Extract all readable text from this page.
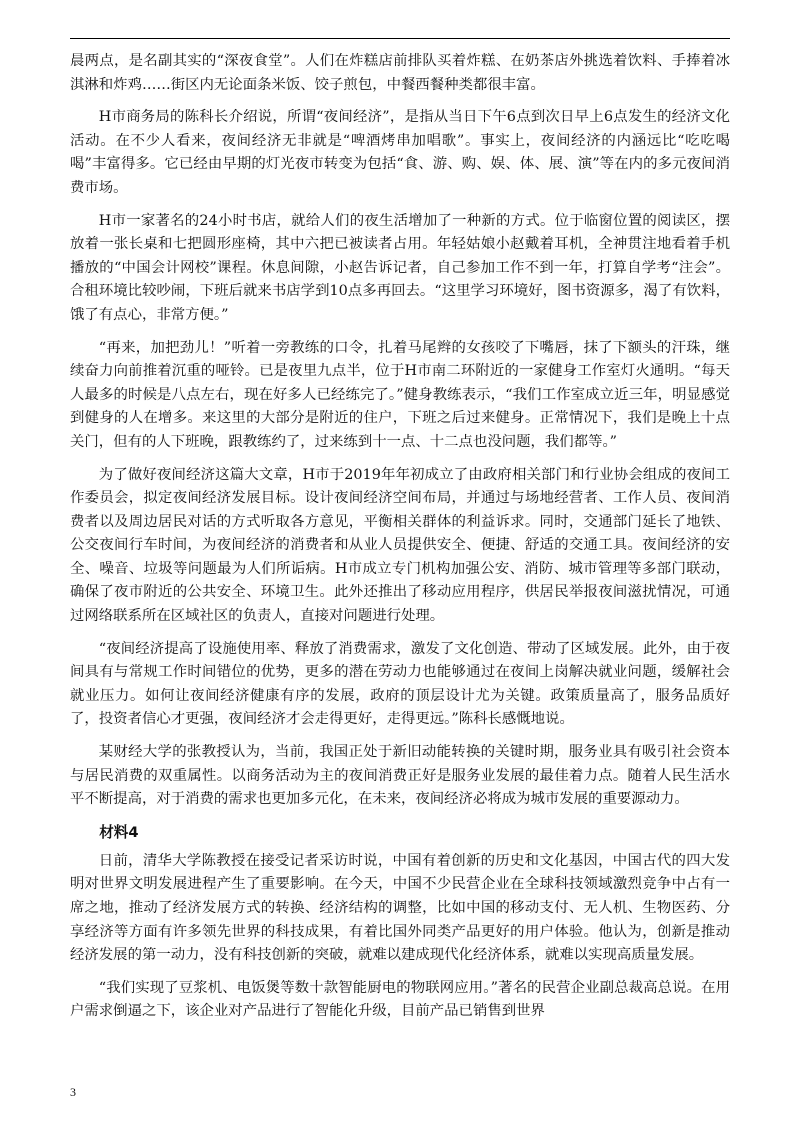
晨两点，是名副其实的“深夜食堂”。人们在炸糕店前排队买着炸糕、在奶茶店外挑选着饮料、手捧着冰淇淋和炸鸡……街区内无论面条米饭、饺子煎包，中餐西餐种类都很丰富。

H市商务局的陈科长介绍说，所谓“夜间经济”，是指从当日下午6点到次日早上6点发生的经济文化活动。在不少人看来，夜间经济无非就是“啤酒烤串加唱歌”。事实上，夜间经济的内涵远比“吃吃喝喝”丰富得多。它已经由早期的灯光夜市转变为包括“食、游、购、娱、体、展、演”等在内的多元夜间消费市场。

H市一家著名的24小时书店，就给人们的夜生活增加了一种新的方式。位于临窗位置的阅读区，摆放着一张长桌和七把圆形座椅，其中六把已被读者占用。年轻姑娘小赵戴着耳机，全神贯注地看着手机播放的“中国会计网校”课程。休息间隙，小赵告诉记者，自己参加工作不到一年，打算自学考“注会”。合租环境比较吵闹，下班后就来书店学到10点多再回去。“这里学习环境好，图书资源多，渴了有饮料，饿了有点心，非常方便。”

“再来，加把劲儿！”听着一旁教练的口令，扎着马尾辫的女孩咬了下嘴唇，抹了下额头的汗珠，继续奋力向前推着沉重的哑铃。已是夜里九点半，位于H市南二环附近的一家健身工作室灯火通明。“每天人最多的时候是八点左右，现在好多人已经练完了。”健身教练表示，“我们工作室成立近三年，明显感觉到健身的人在增多。来这里的大部分是附近的住户，下班之后过来健身。正常情况下，我们是晚上十点关门，但有的人下班晚，跟教练约了，过来练到十一点、十二点也没问题，我们都等。”

为了做好夜间经济这篇大文章，H市于2019年年初成立了由政府相关部门和行业协会组成的夜间工作委员会，拟定夜间经济发展目标。设计夜间经济空间布局，并通过与场地经营者、工作人员、夜间消费者以及周边居民对话的方式听取各方意见，平衡相关群体的利益诉求。同时，交通部门延长了地铁、公交夜间行车时间，为夜间经济的消费者和从业人员提供安全、便捷、舒适的交通工具。夜间经济的安全、噪音、垃圾等问题最为人们所诟病。H市成立专门机构加强公安、消防、城市管理等多部门联动，确保了夜市附近的公共安全、环境卫生。此外还推出了移动应用程序，供居民举报夜间滋扰情况，可通过网络联系所在区域社区的负责人，直接对问题进行处理。

“夜间经济提高了设施使用率、释放了消费需求，激发了文化创造、带动了区域发展。此外，由于夜间具有与常规工作时间错位的优势，更多的潜在劳动力也能够通过在夜间上岗解决就业问题，缓解社会就业压力。如何让夜间经济健康有序的发展，政府的顶层设计尤为关键。政策质量高了，服务品质好了，投资者信心才更强，夜间经济才会走得更好，走得更远。”陈科长感慨地说。

某财经大学的张教授认为，当前，我国正处于新旧动能转换的关键时期，服务业具有吸引社会资本与居民消费的双重属性。以商务活动为主的夜间消费正好是服务业发展的最佳着力点。随着人民生活水平不断提高，对于消费的需求也更加多元化，在未来，夜间经济必将成为城市发展的重要源动力。

材料4

日前，清华大学陈教授在接受记者采访时说，中国有着创新的历史和文化基因，中国古代的四大发明对世界文明发展进程产生了重要影响。在今天，中国不少民营企业在全球科技领域激烈竞争中占有一席之地，推动了经济发展方式的转换、经济结构的调整，比如中国的移动支付、无人机、生物医药、分享经济等方面有许多领先世界的科技成果，有着比国外同类产品更好的用户体验。他认为，创新是推动经济发展的第一动力，没有科技创新的突破，就难以建成现代化经济体系，就难以实现高质量发展。

“我们实现了豆浆机、电饭煲等数十款智能厨电的物联网应用。”著名的民营企业副总裁高总说。在用户需求倒逼之下，该企业对产品进行了智能化升级，目前产品已销售到世界

3
